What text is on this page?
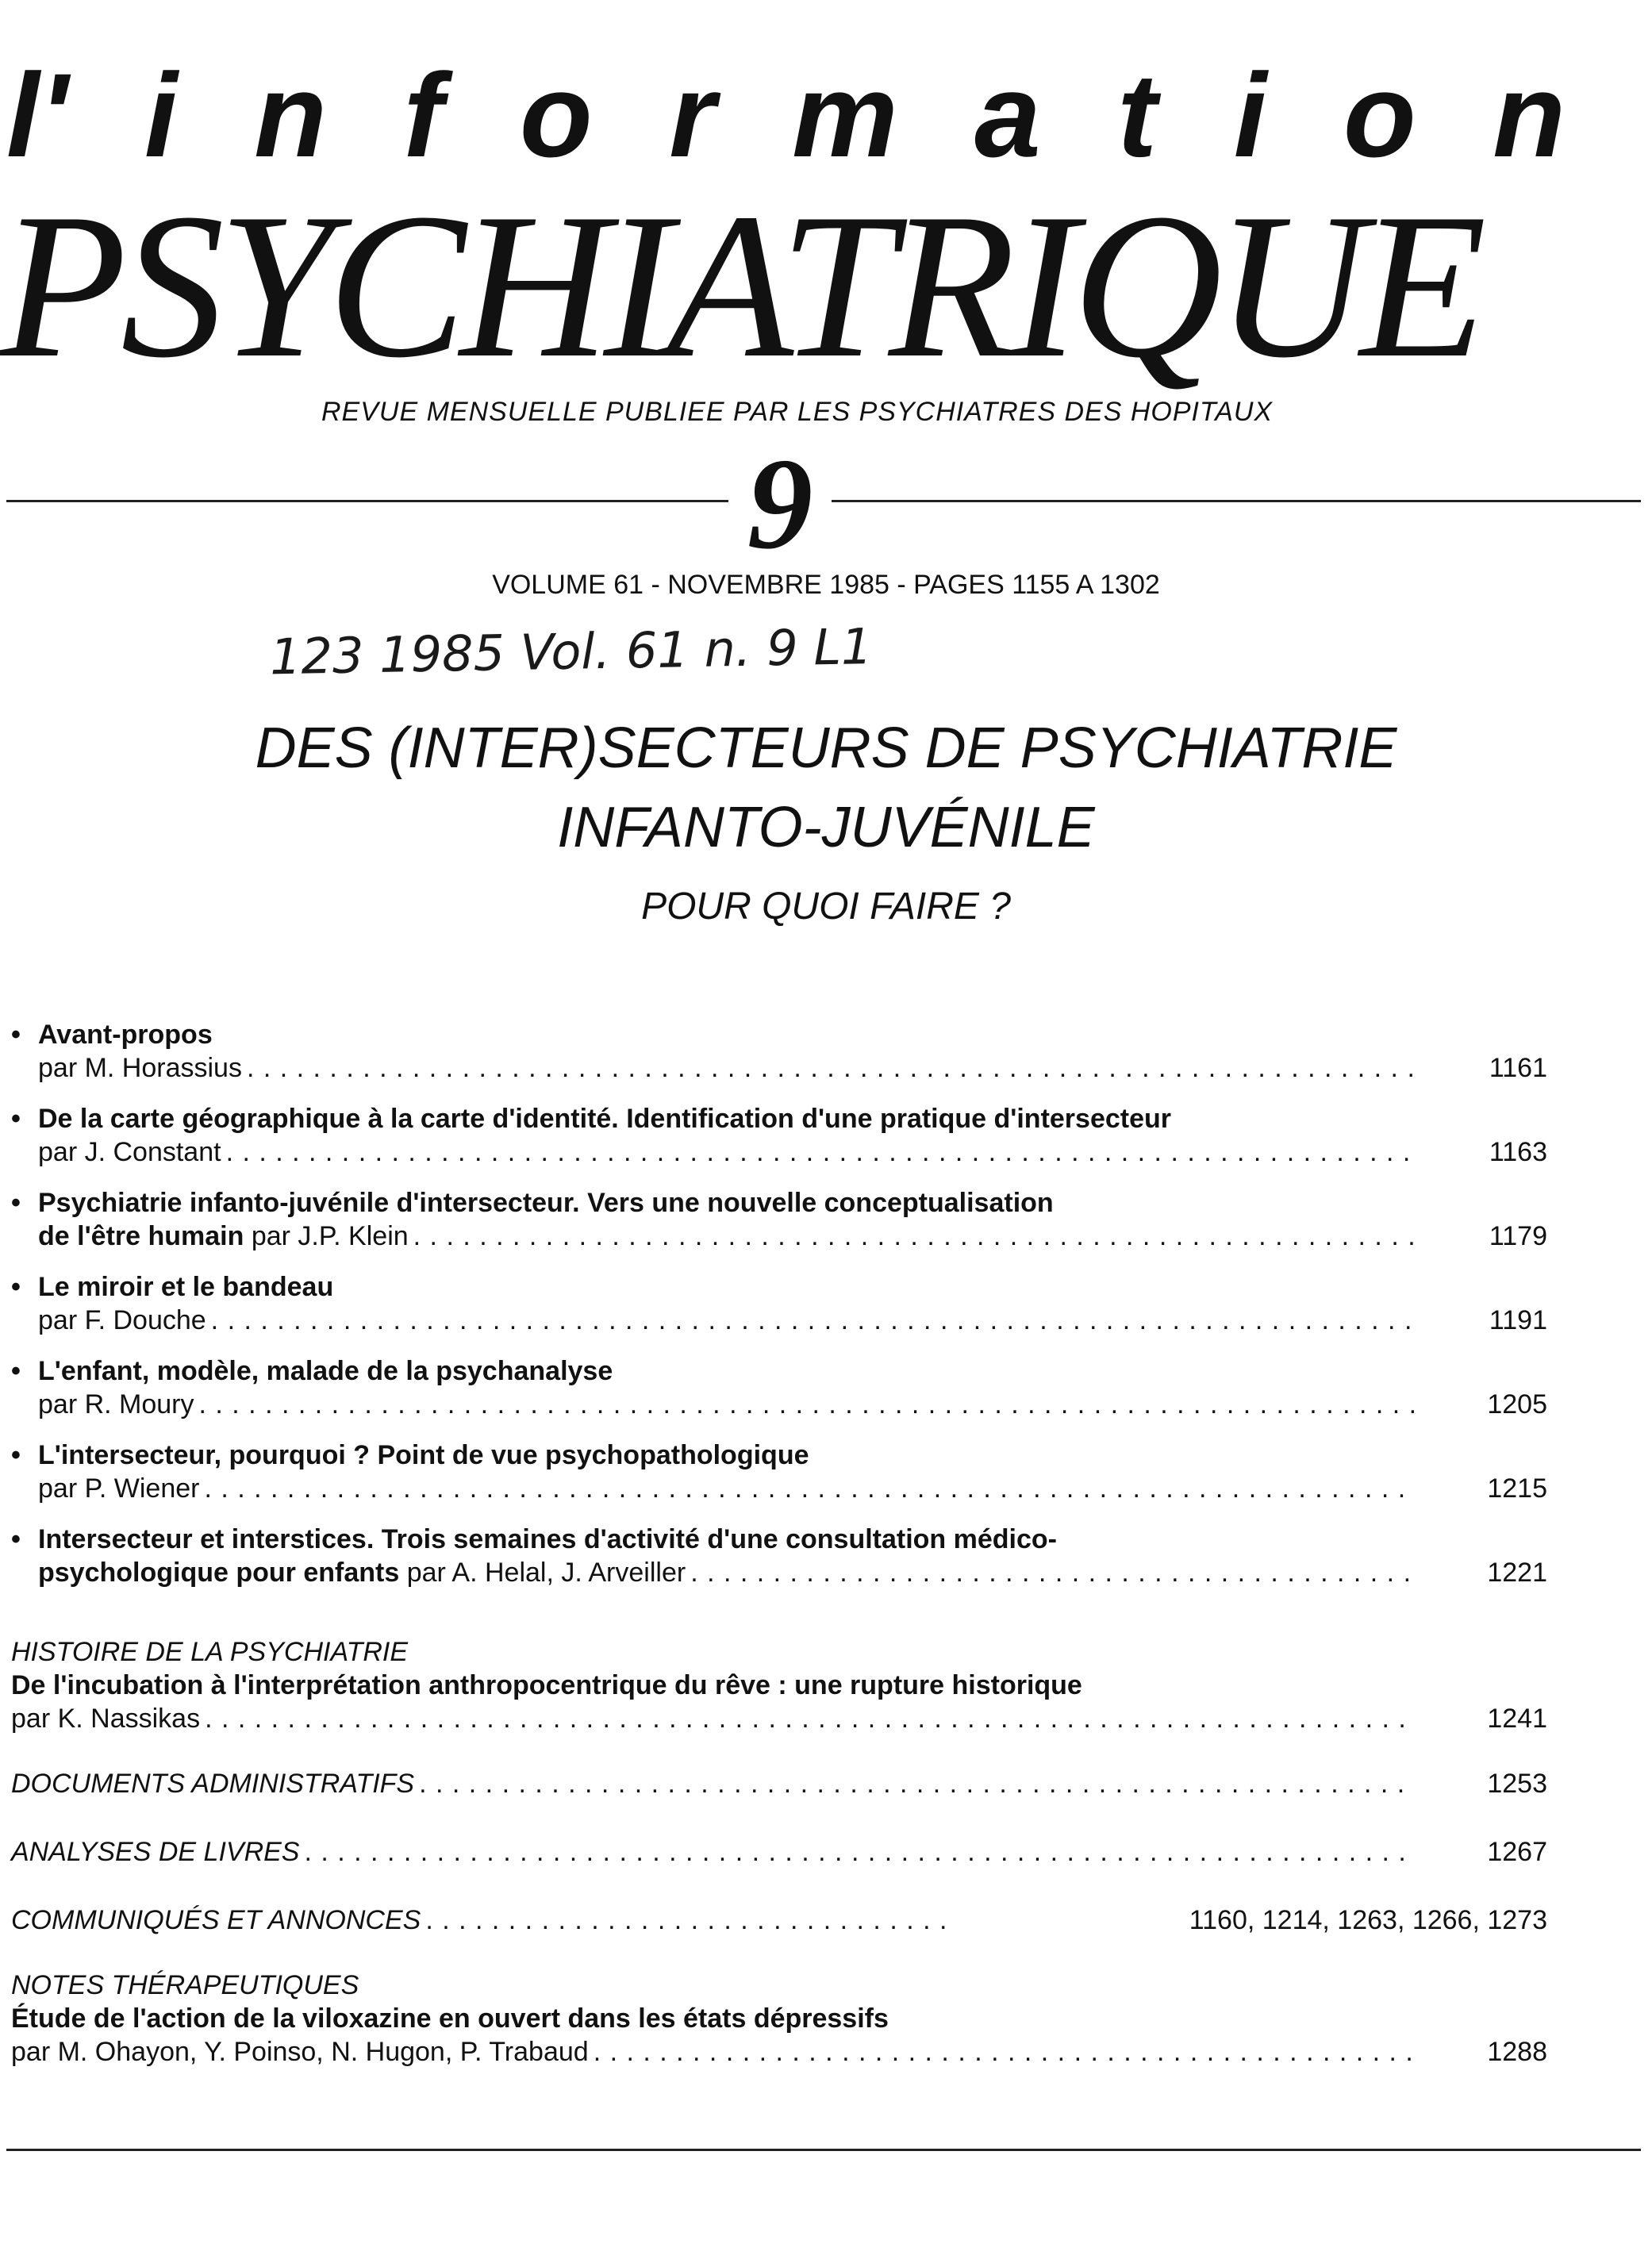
l' i n f o r m a t i o n
PSYCHIATRIQUE
REVUE MENSUELLE PUBLIEE PAR LES PSYCHIATRES DES HOPITAUX
9
VOLUME 61 - NOVEMBRE 1985 - PAGES 1155 A 1302
123 1985 Vol. 61 n. 9 L1
DES (INTER)SECTEURS DE PSYCHIATRIE
INFANTO-JUVÉNILE
POUR QUOI FAIRE ?
• Avant-propos
par M. Horassius . . .	1161
• De la carte géographique à la carte d'identité. Identification d'une pratique d'intersecteur
par J. Constant . . .	1163
• Psychiatrie infanto-juvénile d'intersecteur. Vers une nouvelle conceptualisation
de l'être humain par J.P. Klein . . .	1179
• Le miroir et le bandeau
par F. Douche . . .	1191
• L'enfant, modèle, malade de la psychanalyse
par R. Moury . . .	1205
• L'intersecteur, pourquoi ? Point de vue psychopathologique
par P. Wiener . . .	1215
• Intersecteur et interstices. Trois semaines d'activité d'une consultation médico-
psychologique pour enfants par A. Helal, J. Arveiller . . .	1221
HISTOIRE DE LA PSYCHIATRIE
De l'incubation à l'interprétation anthropocentrique du rêve : une rupture historique
par K. Nassikas . . .	1241
DOCUMENTS ADMINISTRATIFS . . .	1253
ANALYSES DE LIVRES . . .	1267
COMMUNIQUÉS ET ANNONCES . . .	1160, 1214, 1263, 1266, 1273
NOTES THÉRAPEUTIQUES
Étude de l'action de la viloxazine en ouvert dans les états dépressifs
par M. Ohayon, Y. Poinso, N. Hugon, P. Trabaud . . .	1288
